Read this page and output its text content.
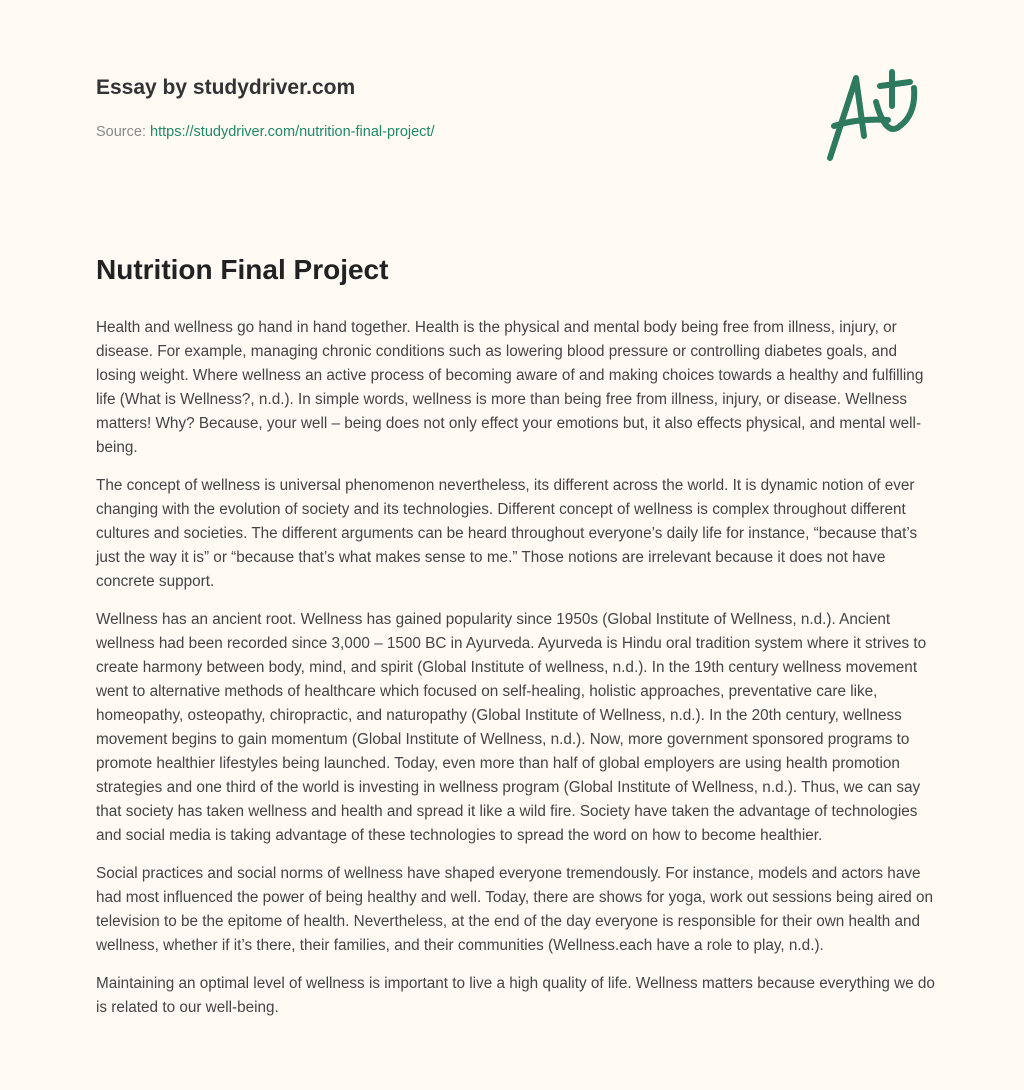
Essay by studydriver.com
Source: https://studydriver.com/nutrition-final-project/
Nutrition Final Project

Health and wellness go hand in hand together. Health is the physical and mental body being free from illness, injury, or disease. For example, managing chronic conditions such as lowering blood pressure or controlling diabetes goals, and losing weight. Where wellness an active process of becoming aware of and making choices towards a healthy and fulfilling life (What is Wellness?, n.d.). In simple words, wellness is more than being free from illness, injury, or disease. Wellness matters! Why? Because, your well – being does not only effect your emotions but, it also effects physical, and mental well-being.

The concept of wellness is universal phenomenon nevertheless, its different across the world. It is dynamic notion of ever changing with the evolution of society and its technologies. Different concept of wellness is complex throughout different cultures and societies. The different arguments can be heard throughout everyone’s daily life for instance, “because that’s just the way it is” or “because that’s what makes sense to me.” Those notions are irrelevant because it does not have concrete support.

Wellness has an ancient root. Wellness has gained popularity since 1950s (Global Institute of Wellness, n.d.). Ancient wellness had been recorded since 3,000 – 1500 BC in Ayurveda. Ayurveda is Hindu oral tradition system where it strives to create harmony between body, mind, and spirit (Global Institute of wellness, n.d.). In the 19th century wellness movement went to alternative methods of healthcare which focused on self-healing, holistic approaches, preventative care like, homeopathy, osteopathy, chiropractic, and naturopathy (Global Institute of Wellness, n.d.). In the 20th century, wellness movement begins to gain momentum (Global Institute of Wellness, n.d.). Now, more government sponsored programs to promote healthier lifestyles being launched. Today, even more than half of global employers are using health promotion strategies and one third of the world is investing in wellness program (Global Institute of Wellness, n.d.). Thus, we can say that society has taken wellness and health and spread it like a wild fire. Society have taken the advantage of technologies and social media is taking advantage of these technologies to spread the word on how to become healthier.

Social practices and social norms of wellness have shaped everyone tremendously. For instance, models and actors have had most influenced the power of being healthy and well. Today, there are shows for yoga, work out sessions being aired on television to be the epitome of health. Nevertheless, at the end of the day everyone is responsible for their own health and wellness, whether if it’s there, their families, and their communities (Wellness.each have a role to play, n.d.).

Maintaining an optimal level of wellness is important to live a high quality of life. Wellness matters because everything we do is related to our well-being.
